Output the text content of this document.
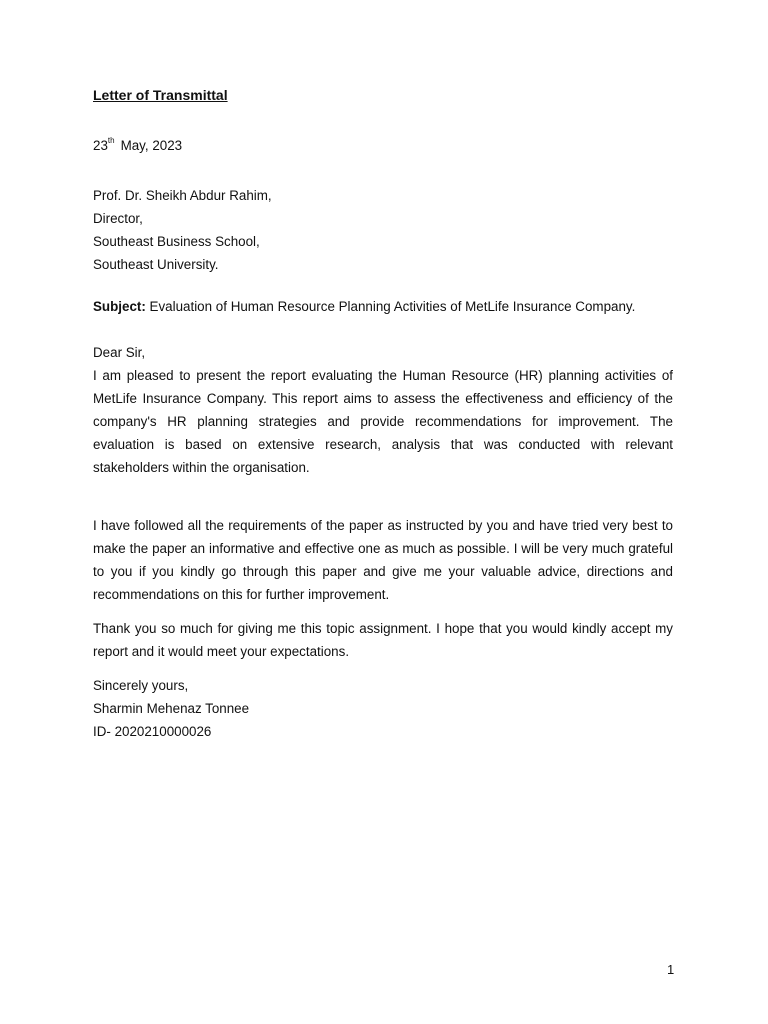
Letter of Transmittal
23th May, 2023
Prof. Dr. Sheikh Abdur Rahim,
Director,
Southeast Business School,
Southeast University.
Subject: Evaluation of Human Resource Planning Activities of MetLife Insurance Company.
Dear Sir,

I am pleased to present the report evaluating the Human Resource (HR) planning activities of MetLife Insurance Company. This report aims to assess the effectiveness and efficiency of the company's HR planning strategies and provide recommendations for improvement. The evaluation is based on extensive research, analysis that was conducted with relevant stakeholders within the organisation.

I have followed all the requirements of the paper as instructed by you and have tried very best to make the paper an informative and effective one as much as possible. I will be very much grateful to you if you kindly go through this paper and give me your valuable advice, directions and recommendations on this for further improvement.

Thank you so much for giving me this topic assignment. I hope that you would kindly accept my report and it would meet your expectations.

Sincerely yours,
Sharmin Mehenaz Tonnee
ID- 2020210000026
1
